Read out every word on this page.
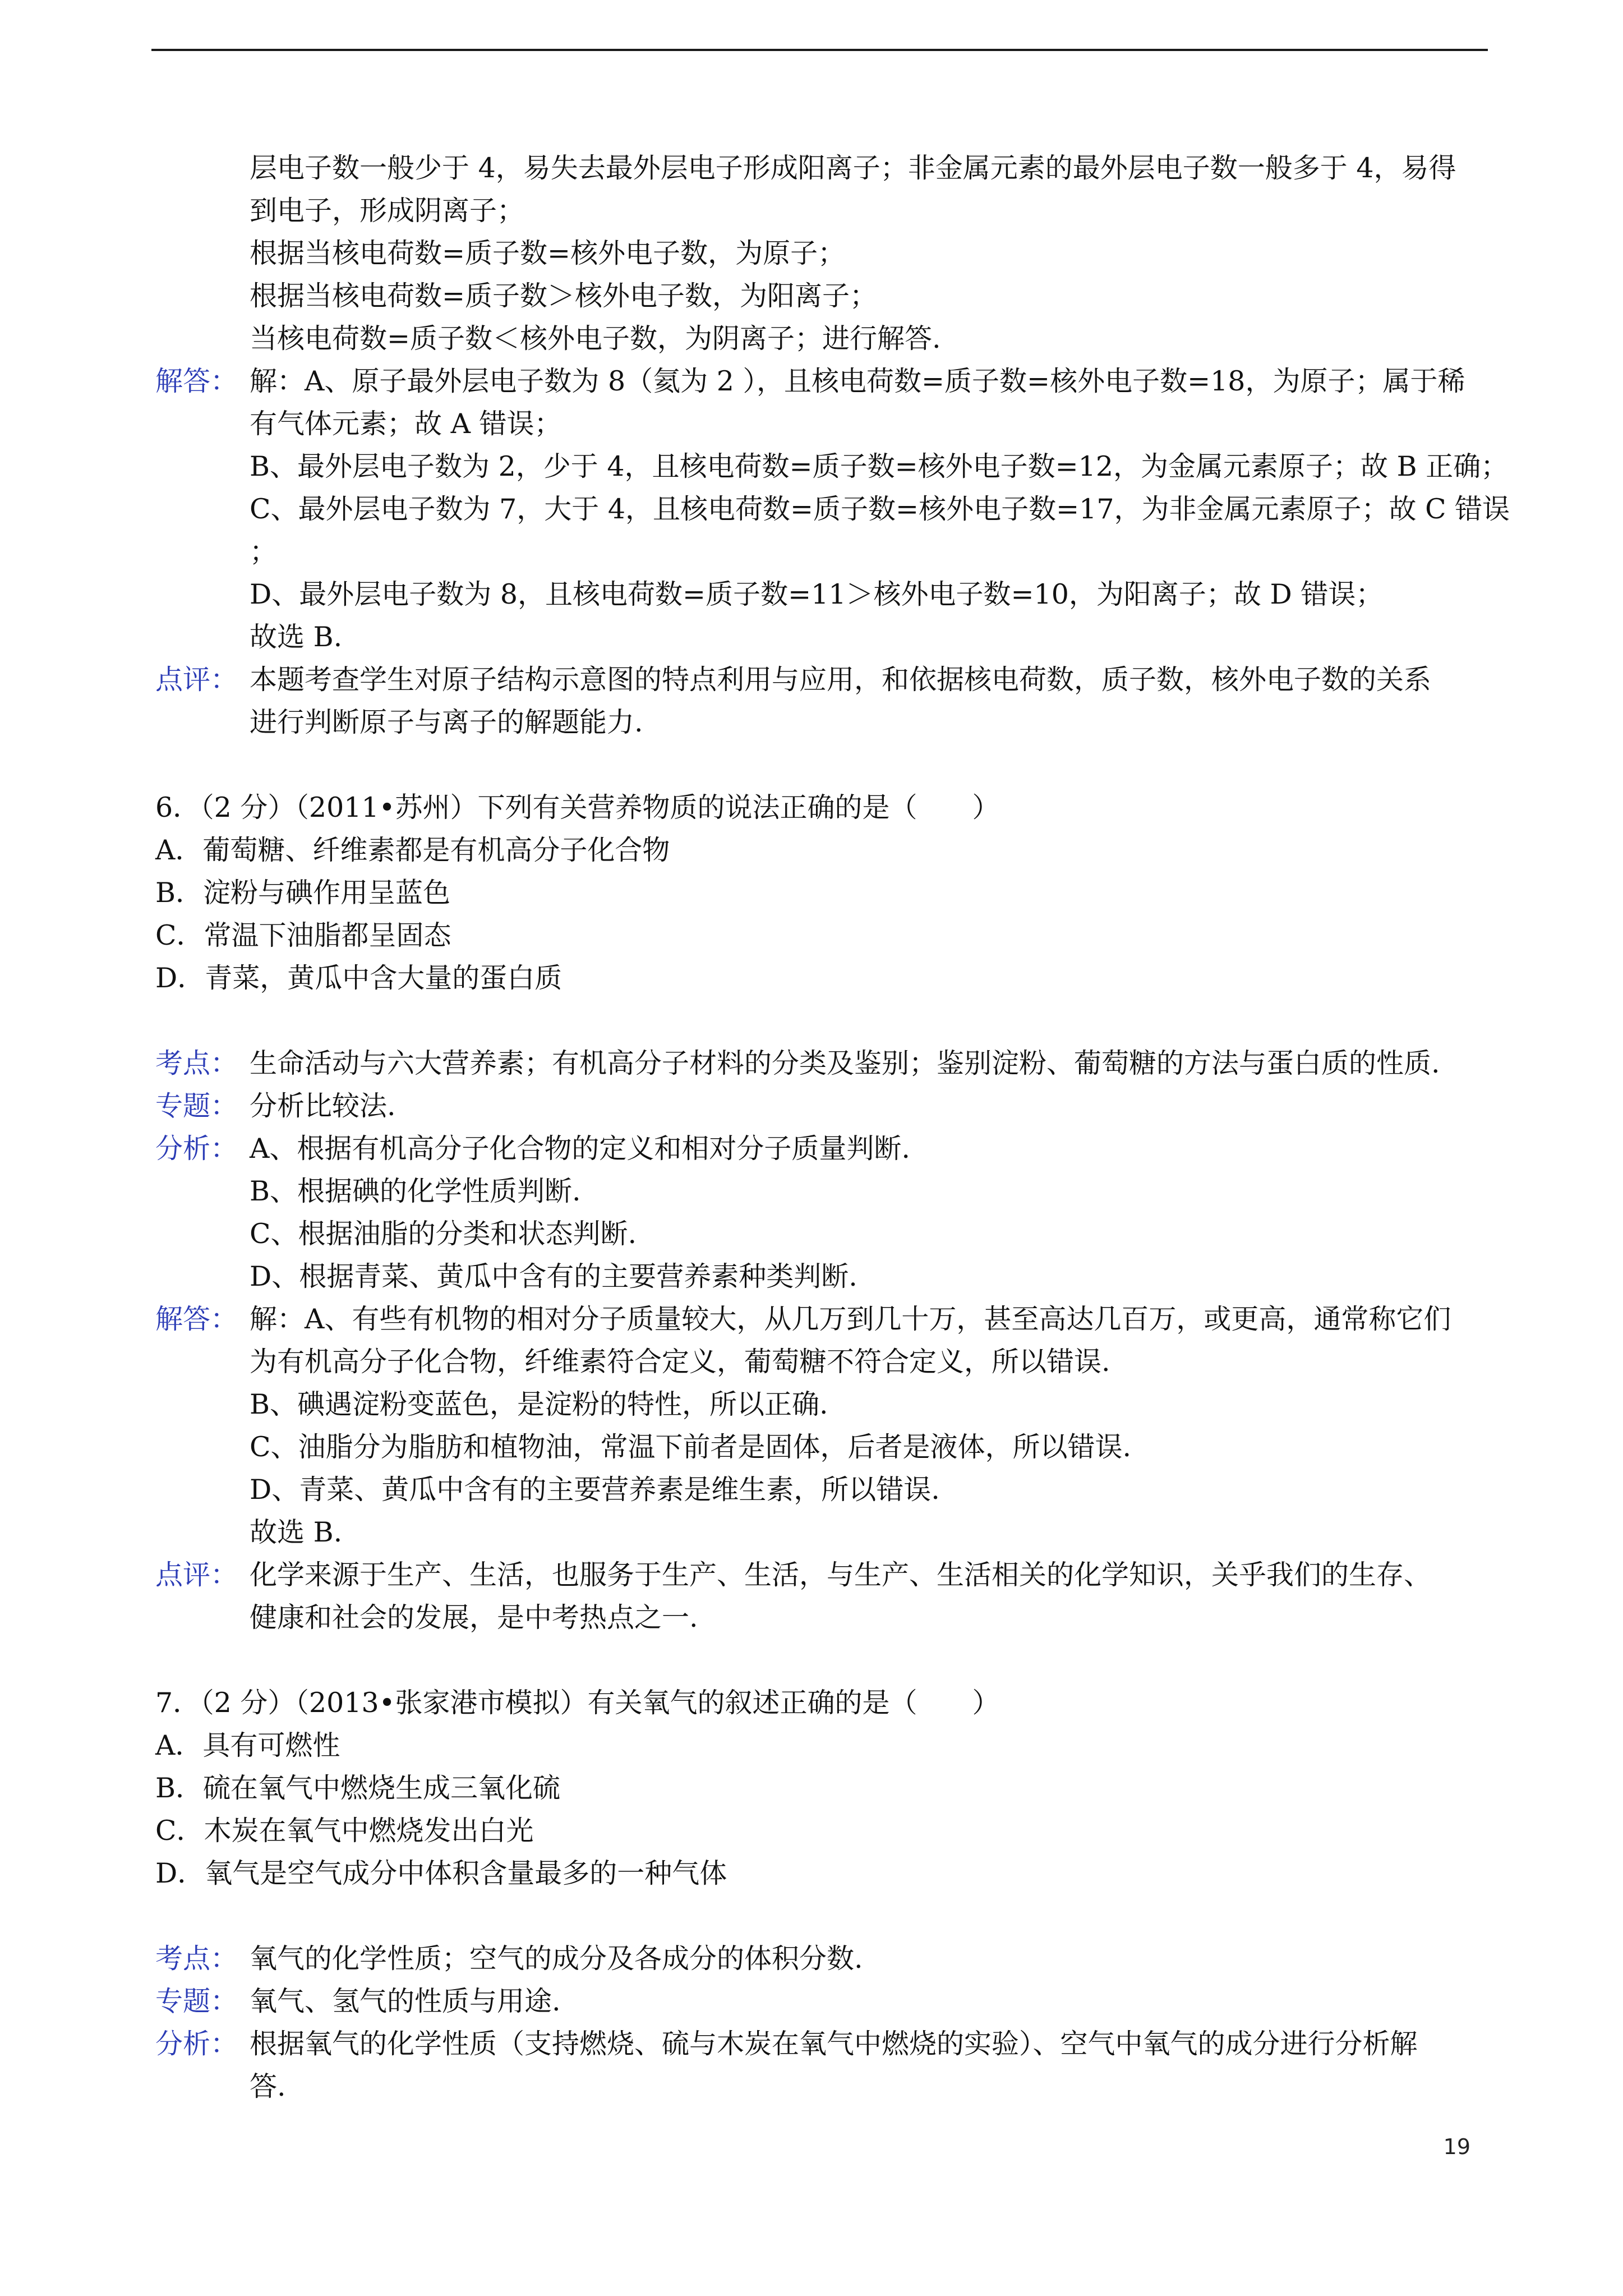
层电子数一般少于 4，易失去最外层电子形成阳离子；非金属元素的最外层电子数一般多于 4，易得
到电子，形成阴离子；
根据当核电荷数=质子数=核外电子数，为原子；
根据当核电荷数=质子数＞核外电子数，为阳离子；
当核电荷数=质子数＜核外电子数，为阴离子；进行解答.
解答： 解：A、原子最外层电子数为 8（氦为 2 ），且核电荷数=质子数=核外电子数=18，为原子；属于稀
有气体元素；故 A 错误；
B、最外层电子数为 2，少于 4，且核电荷数=质子数=核外电子数=12，为金属元素原子；故 B 正确；
C、最外层电子数为 7，大于 4，且核电荷数=质子数=核外电子数=17，为非金属元素原子；故 C 错误
；
D、最外层电子数为 8，且核电荷数=质子数=11＞核外电子数=10，为阳离子；故 D 错误；
故选 B.
点评： 本题考查学生对原子结构示意图的特点利用与应用，和依据核电荷数，质子数，核外电子数的关系
进行判断原子与离子的解题能力.
6．（2 分）（2011•苏州）下列有关营养物质的说法正确的是（　　）
A．葡萄糖、纤维素都是有机高分子化合物
B．淀粉与碘作用呈蓝色
C．常温下油脂都呈固态
D．青菜，黄瓜中含大量的蛋白质
考点： 生命活动与六大营养素；有机高分子材料的分类及鉴别；鉴别淀粉、葡萄糖的方法与蛋白质的性质.
专题： 分析比较法.
分析： A、根据有机高分子化合物的定义和相对分子质量判断.
B、根据碘的化学性质判断.
C、根据油脂的分类和状态判断.
D、根据青菜、黄瓜中含有的主要营养素种类判断.
解答： 解：A、有些有机物的相对分子质量较大，从几万到几十万，甚至高达几百万，或更高，通常称它们
为有机高分子化合物，纤维素符合定义，葡萄糖不符合定义，所以错误.
B、碘遇淀粉变蓝色，是淀粉的特性，所以正确.
C、油脂分为脂肪和植物油，常温下前者是固体，后者是液体，所以错误.
D、青菜、黄瓜中含有的主要营养素是维生素，所以错误.
故选 B.
点评： 化学来源于生产、生活，也服务于生产、生活，与生产、生活相关的化学知识，关乎我们的生存、
健康和社会的发展，是中考热点之一.
7．（2 分）（2013•张家港市模拟）有关氧气的叙述正确的是（　　）
A．具有可燃性
B．硫在氧气中燃烧生成三氧化硫
C．木炭在氧气中燃烧发出白光
D．氧气是空气成分中体积含量最多的一种气体
考点： 氧气的化学性质；空气的成分及各成分的体积分数.
专题： 氧气、氢气的性质与用途.
分析： 根据氧气的化学性质（支持燃烧、硫与木炭在氧气中燃烧的实验）、空气中氧气的成分进行分析解
答.
19
